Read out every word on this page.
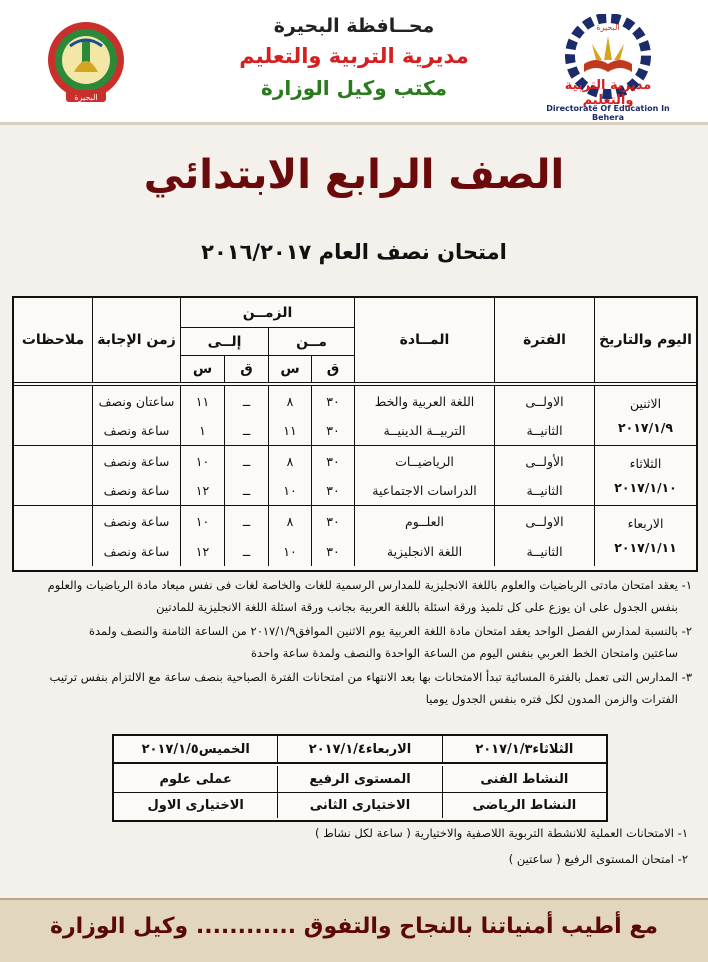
البحيرة
محــافظة البحيرة
مديرية التربية والتعليم
مكتب وكيل الوزارة
البحيرة
مديرية التربية والتعليم
Directorate Of Education In Behera
الصف الرابع الابتدائي
امتحان نصف العام ٢٠١٦/٢٠١٧
اليوم والتاريخ
الفترة
المــادة
الزمــن
مــن
إلــى
ق
س
ق
س
زمن الإجابة
ملاحظات
الاثنين
٢٠١٧/١/٩
الاولــى
اللغة العربية والخط
٣٠
٨
ــ
١١
ساعتان ونصف
الثانيــة
التربيــة الدينيــة
٣٠
١١
ــ
١
ساعة ونصف
الثلاثاء
٢٠١٧/١/١٠
الأولــى
الرياضيــات
٣٠
٨
ــ
١٠
ساعة ونصف
الثانيــة
الدراسات الاجتماعية
٣٠
١٠
ــ
١٢
ساعة ونصف
الاربعاء
٢٠١٧/١/١١
الاولــى
العلــوم
٣٠
٨
ــ
١٠
ساعة ونصف
الثانيــة
اللغة الانجليزية
٣٠
١٠
ــ
١٢
ساعة ونصف
١- يعقد امتحان مادتى الرياضيات والعلوم باللغة الانجليزية للمدارس الرسمية للغات والخاصة لغات فى نفس ميعاد مادة الرياضيات والعلوم
بنفس الجدول على ان يوزع على كل تلميذ ورقة اسئلة باللغة العربية بجانب ورقة اسئلة اللغة الانجليزية للمادتين
٢- بالنسبة لمدارس الفصل الواحد يعقد امتحان مادة اللغة العربية يوم الاثنين الموافق٢٠١٧/١/٩ من الساعة الثامنة والنصف ولمدة
ساعتين وامتحان الخط العربي بنفس اليوم من الساعة الواحدة والنصف ولمدة ساعة واحدة
٣- المدارس التى تعمل بالفترة المسائية تبدأ الامتحانات بها بعد الانتهاء من امتحانات الفترة الصباحية بنصف ساعة مع الالتزام بنفس ترتيب
الفترات والزمن المدون لكل فتره بنفس الجدول يوميا
الثلاثاء٢٠١٧/١/٣
الاربعاء٢٠١٧/١/٤
الخميس٢٠١٧/١/٥
النشاط الفنى
المستوى الرفيع
عملى علوم
النشاط الرياضى
الاختيارى الثانى
الاختيارى الاول
١- الامتحانات العملية للانشطة التربوية اللاصفية والاختيارية ( ساعة لكل نشاط )
٢- امتحان المستوى الرفيع ( ساعتين )
مع أطيب أمنياتنا بالنجاح والتفوق ............ وكيل الوزارة
